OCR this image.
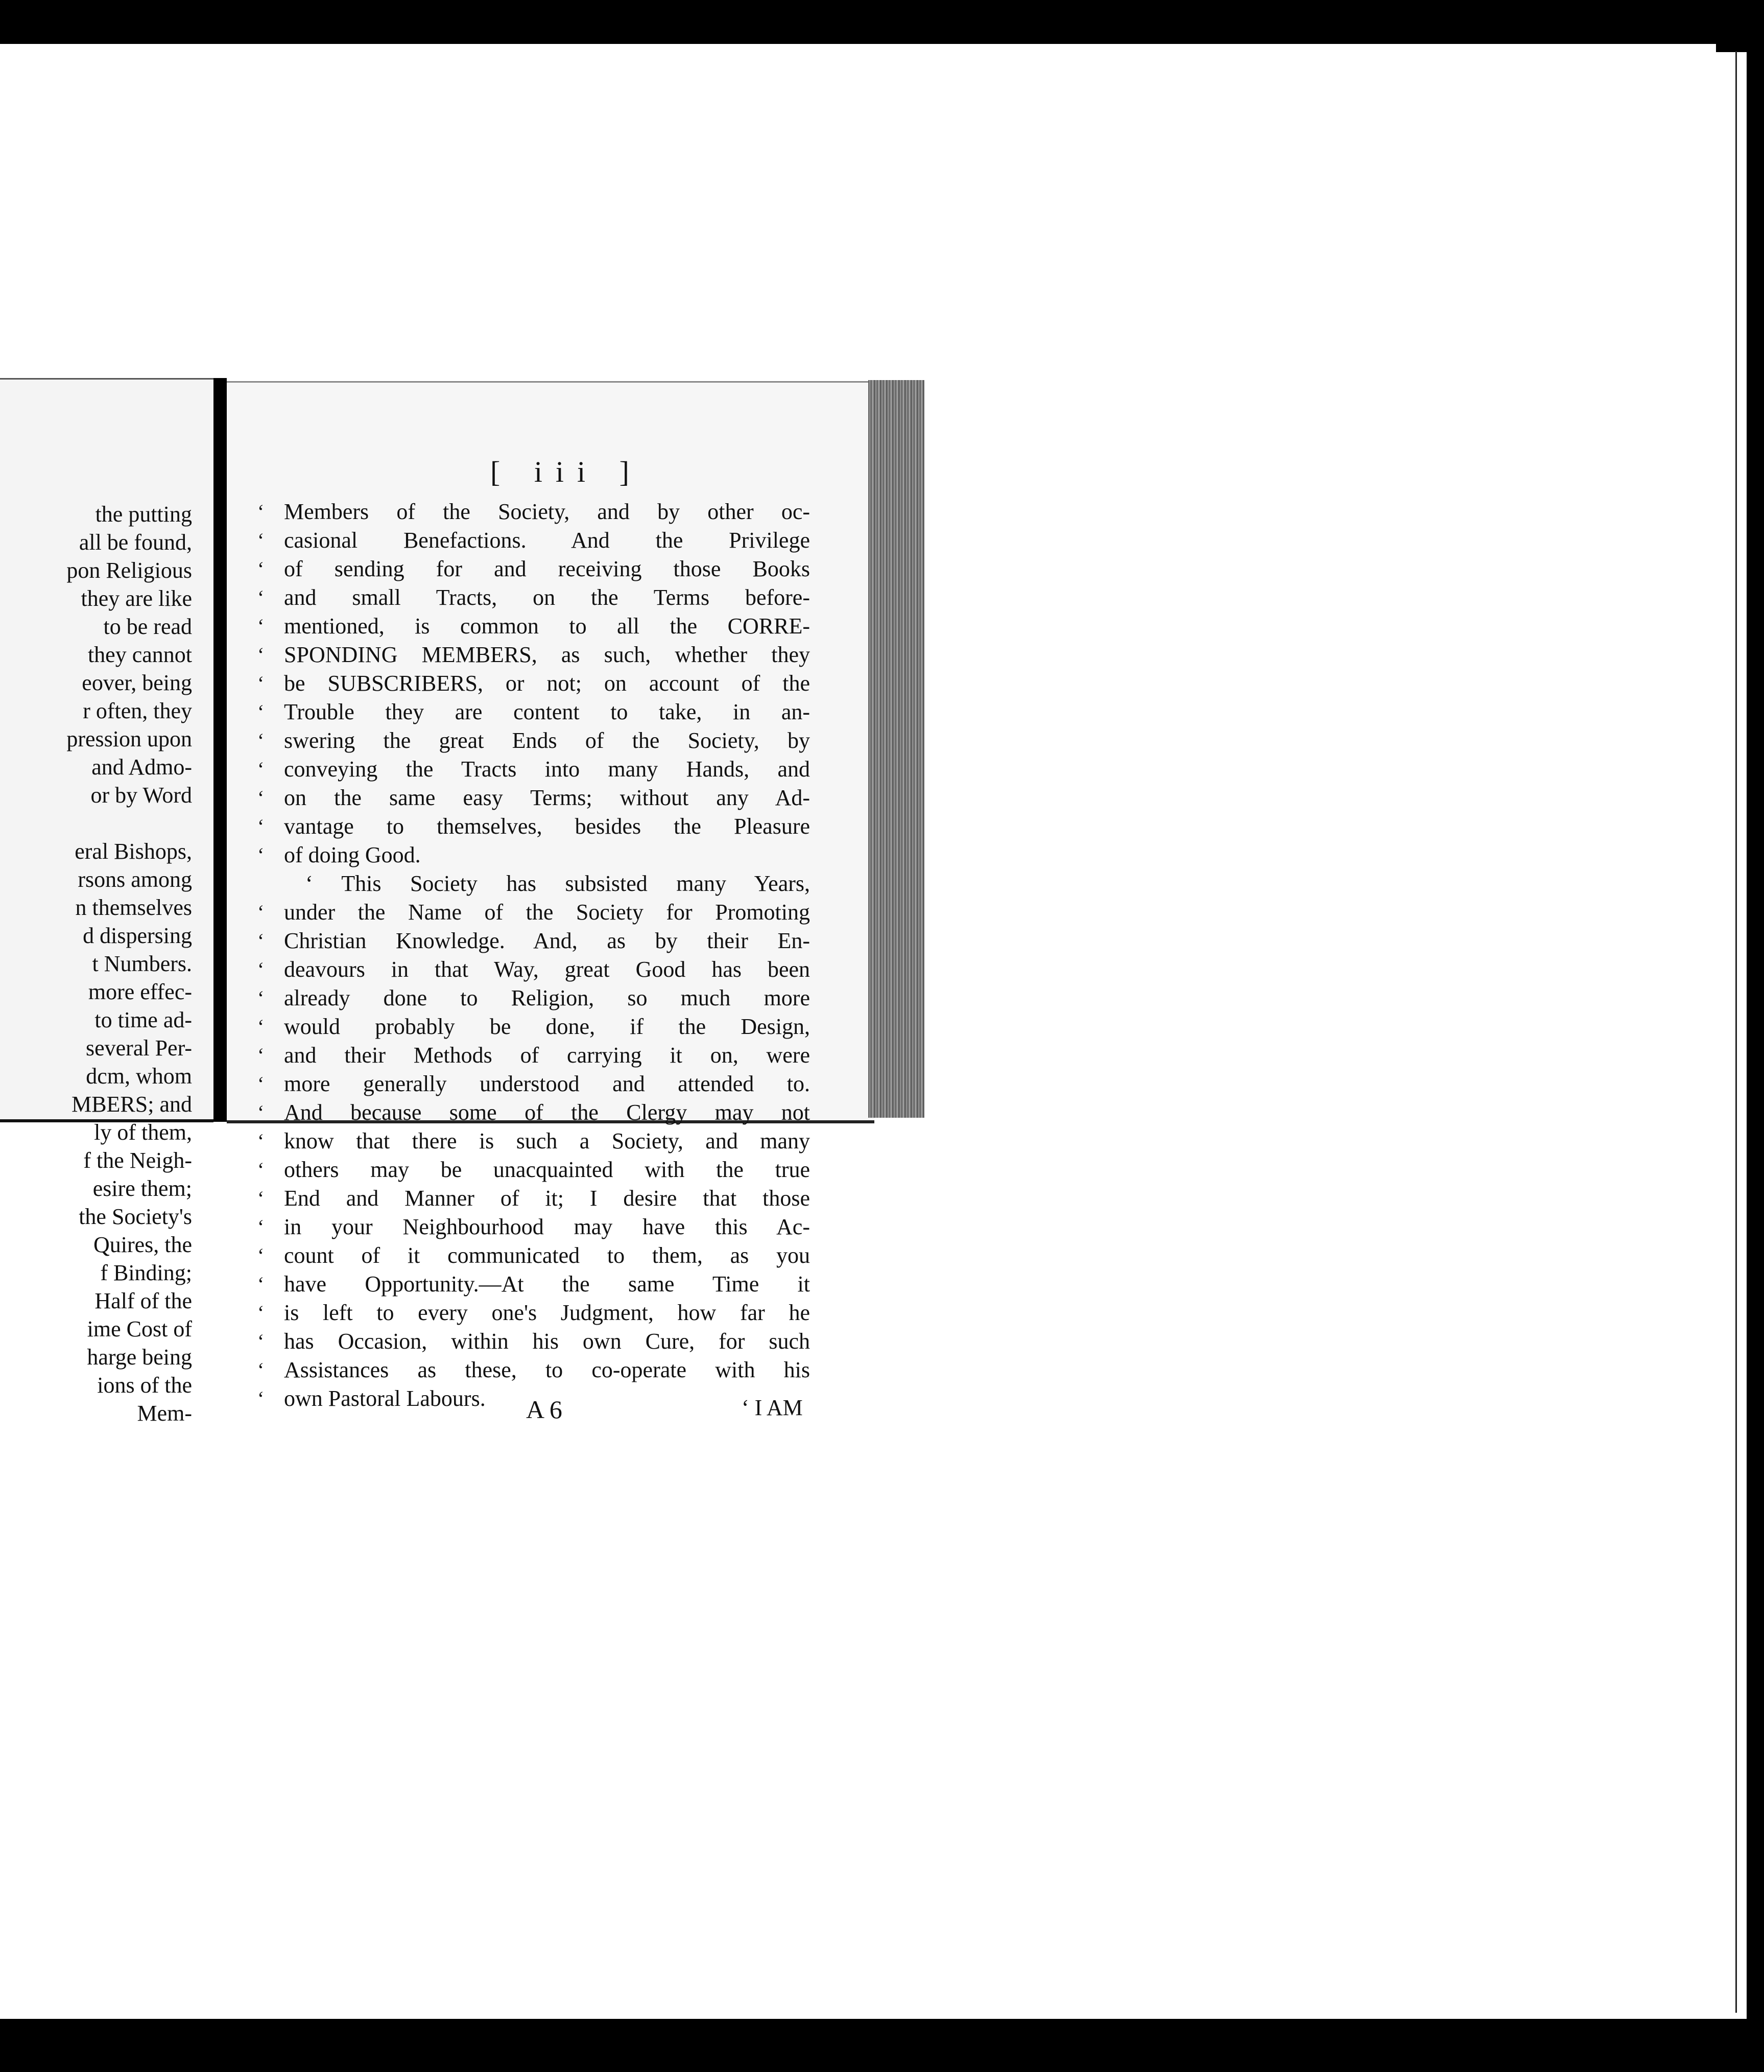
the putting
all be found,
pon Religious
they are like
to be read
they cannot
eover, being
r often, they
pression upon
and Admo-
or by Word
eral Bishops,
rsons among
n themselves
d dispersing
t Numbers.
more effec-
to time ad-
several Per-
dcm, whom
MBERS; and
ly of them,
f the Neigh-
esire them;
the Society's
Quires, the
f Binding;
Half of the
ime Cost of
harge being
ions of the
Mem-
[ iii ]
‘ Members of the Society, and by other oc-
‘ casional Benefactions. And the Privilege
‘ of sending for and receiving those Books
‘ and small Tracts, on the Terms before-
‘ mentioned, is common to all the CORRE-
‘ SPONDING MEMBERS, as such, whether they
‘ be SUBSCRIBERS, or not; on account of the
‘ Trouble they are content to take, in an-
‘ swering the great Ends of the Society, by
‘ conveying the Tracts into many Hands, and
‘ on the same easy Terms; without any Ad-
‘ vantage to themselves, besides the Pleasure
‘ of doing Good.
‘ This Society has subsisted many Years,
‘ under the Name of the Society for Promoting
‘ Christian Knowledge. And, as by their En-
‘ deavours in that Way, great Good has been
‘ already done to Religion, so much more
‘ would probably be done, if the Design,
‘ and their Methods of carrying it on, were
‘ more generally understood and attended to.
‘ And because some of the Clergy may not
‘ know that there is such a Society, and many
‘ others may be unacquainted with the true
‘ End and Manner of it; I desire that those
‘ in your Neighbourhood may have this Ac-
‘ count of it communicated to them, as you
‘ have Opportunity.—At the same Time it
‘ is left to every one's Judgment, how far he
‘ has Occasion, within his own Cure, for such
‘ Assistances as these, to co-operate with his
‘ own Pastoral Labours.	A 6	‘ I AM
